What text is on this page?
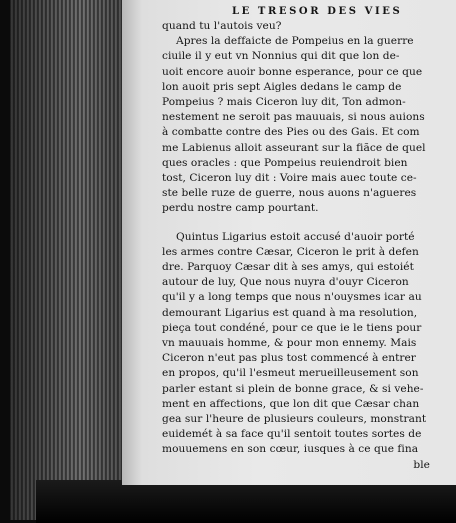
LE TRESOR DES VIES
quand tu l'autois veu?
Apres la deffaicte de Pompeius en la guerre
ciuile il y eut vn Nonnius qui dit que lon de-
uoit encore auoir bonne esperance, pour ce que
lon auoit pris sept Aigles dedans le camp de
Pompeius ? mais Ciceron luy dit, Ton admon-
nestement ne seroit pas mauuais, si nous auions
à combatte contre des Pies ou des Gais. Et com
me Labienus alloit asseurant sur la fiãce de quel
ques oracles : que Pompeius reuiendroit bien
tost, Ciceron luy dit : Voire mais auec toute ce-
ste belle ruze de guerre, nous auons n'agueres
perdu nostre camp pourtant.
Quintus Ligarius estoit accusé d'auoir porté
les armes contre Cæsar, Ciceron le prit à defen
dre. Parquoy Cæsar dit à ses amys, qui estoiét
autour de luy, Que nous nuyra d'ouyr Ciceron
qu'il y a long temps que nous n'ouysmes icar au
demourant Ligarius est quand à ma resolution,
pieça tout condéné, pour ce que ie le tiens pour
vn mauuais homme, & pour mon ennemy. Mais
Ciceron n'eut pas plus tost commencé à entrer
en propos, qu'il l'esmeut merueilleusement son
parler estant si plein de bonne grace, & si vehe-
ment en affections, que lon dit que Cæsar chan
gea sur l'heure de plusieurs couleurs, monstrant
euidemét à sa face qu'il sentoit toutes sortes de
mouuemens en son cœur, iusques à ce que fina
ble
